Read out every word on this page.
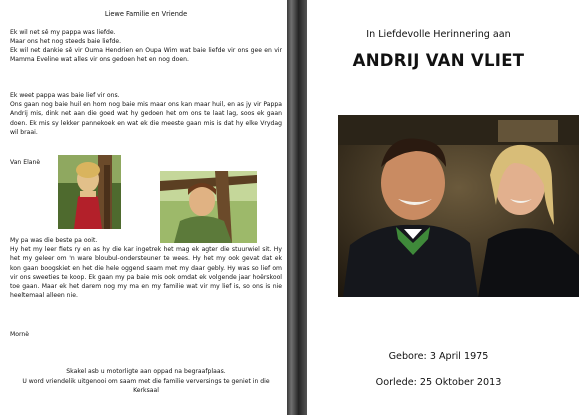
Liewe Familie en Vriende

Ek wil net sê my pappa was liefde.

Maar ons het nog steeds baie liefde.

Ek wil net dankie sê vir Ouma Hendrien en Oupa Wim wat baie liefde vir ons gee en vir Mamma Eveline wat alles vir ons gedoen het en nog doen.

Ek weet pappa was baie lief vir ons.

Ons gaan nog baie huil en hom nog baie mis maar ons kan maar huil, en as jy vir Pappa Andrij mis, dink net aan die goed wat hy gedoen het om ons te laat lag, soos ek gaan doen. Ek mis sy lekker pannekoek en wat ek die meeste gaan mis is dat hy elke Vrydag wil braai.

Van Elanè

My pa was die beste pa ooit.

Hy het my leer fiets ry en as hy die kar ingetrek het mag ek agter die stuurwiel sit. Hy het my geleer om 'n ware bloubul-ondersteuner te wees. Hy het my ook gevat dat ek kon gaan boogskiet en het die hele oggend saam met my daar gebly. Hy was so lief om vir ons sweeties te koop. Ek gaan my pa baie mis ook omdat ek volgende jaar hoërskool toe gaan. Maar ek het darem nog my ma en my familie wat vir my lief is, so ons is nie heeltemaal alleen nie.

Mornè

Skakel asb u motorligte aan oppad na begraafplaas.

U word vriendelik uitgenooi om saam met die familie verversings te geniet in die Kerksaal

In Liefdevolle Herinnering aan

ANDRIJ VAN VLIET

Gebore: 3 April 1975

Oorlede: 25 Oktober 2013
